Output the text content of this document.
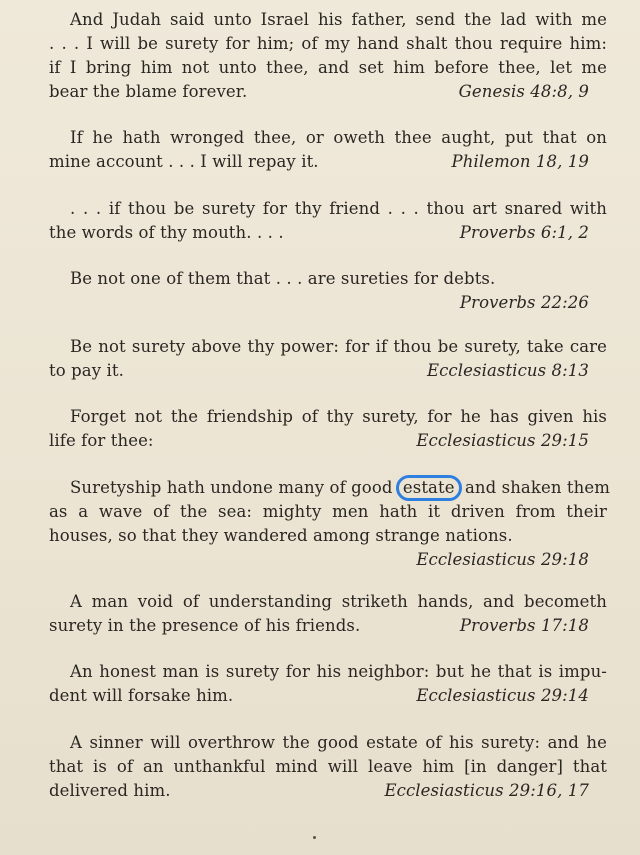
And Judah said unto Israel his father, send the lad with me
. . . I will be surety for him; of my hand shalt thou require him:
if I bring him not unto thee, and set him before thee, let me
bear the blame forever.	Genesis 48:8, 9
If he hath wronged thee, or oweth thee aught, put that on
mine account . . . I will repay it.	Philemon 18, 19
. . . if thou be surety for thy friend . . . thou art snared with
the words of thy mouth. . . .	Proverbs 6:1, 2
Be not one of them that . . . are sureties for debts.
Proverbs 22:26
Be not surety above thy power: for if thou be surety, take care
to pay it.	Ecclesiasticus 8:13
Forget not the friendship of thy surety, for he has given his
life for thee:	Ecclesiasticus 29:15
Suretyship hath undone many of good estate and shaken them
as a wave of the sea: mighty men hath it driven from their
houses, so that they wandered among strange nations.
Ecclesiasticus 29:18
A man void of understanding striketh hands, and becometh
surety in the presence of his friends.	Proverbs 17:18
An honest man is surety for his neighbor: but he that is impu-
dent will forsake him.	Ecclesiasticus 29:14
A sinner will overthrow the good estate of his surety: and he
that is of an unthankful mind will leave him [in danger] that
delivered him.	Ecclesiasticus 29:16, 17
